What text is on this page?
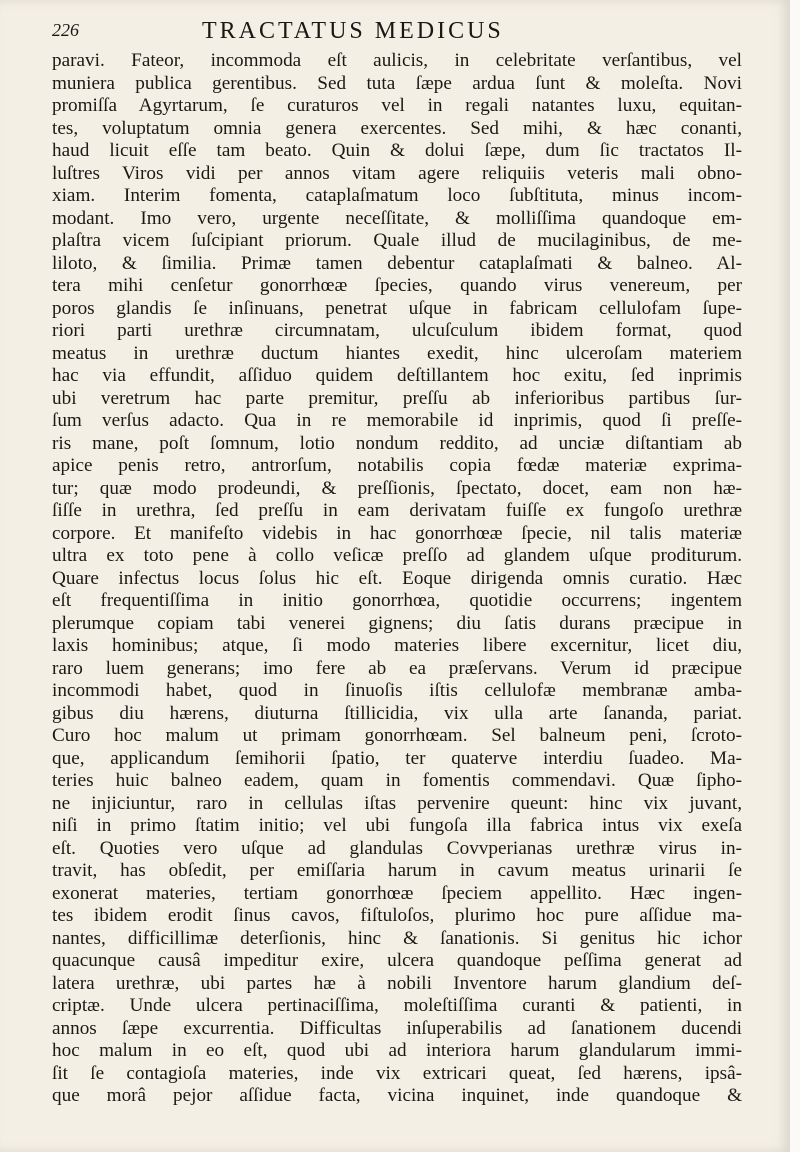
226	TRACTATUS MEDICUS
paravi. Fateor, incommoda eſt aulicis, in celebritate verſantibus, vel
muniera publica gerentibus. Sed tuta ſæpe ardua ſunt & moleſta. Novi
promiſſa Agyrtarum, ſe curaturos vel in regali natantes luxu, equitan-
tes, voluptatum omnia genera exercentes. Sed mihi, & hæc conanti,
haud licuit eſſe tam beato. Quin & dolui ſæpe, dum ſic tractatos Il-
luſtres Viros vidi per annos vitam agere reliquiis veteris mali obno-
xiam. Interim fomenta, cataplaſmatum loco ſubſtituta, minus incom-
modant. Imo vero, urgente neceſſitate, & molliſſima quandoque em-
plaſtra vicem ſuſcipiant priorum. Quale illud de mucilaginibus, de me-
liloto, & ſimilia. Primæ tamen debentur cataplaſmati & balneo. Al-
tera mihi cenſetur gonorrhœæ ſpecies, quando virus venereum, per
poros glandis ſe inſinuans, penetrat uſque in fabricam cellulofam ſupe-
riori parti urethræ circumnatam, ulcuſculum ibidem format, quod
meatus in urethræ ductum hiantes exedit, hinc ulceroſam materiem
hac via effundit, aſſiduo quidem deſtillantem hoc exitu, ſed inprimis
ubi veretrum hac parte premitur, preſſu ab inferioribus partibus ſur-
ſum verſus adacto. Qua in re memorabile id inprimis, quod ſi preſſe-
ris mane, poſt ſomnum, lotio nondum reddito, ad unciæ diſtantiam ab
apice penis retro, antrorſum, notabilis copia fœdæ materiæ exprima-
tur; quæ modo prodeundi, & preſſionis, ſpectato, docet, eam non hæ-
ſiſſe in urethra, ſed preſſu in eam derivatam fuiſſe ex fungoſo urethræ
corpore. Et manifeſto videbis in hac gonorrhœæ ſpecie, nil talis materiæ
ultra ex toto pene à collo veſicæ preſſo ad glandem uſque proditurum.
Quare infectus locus ſolus hic eſt. Eoque dirigenda omnis curatio. Hæc
eſt frequentiſſima in initio gonorrhœa, quotidie occurrens; ingentem
plerumque copiam tabi venerei gignens; diu ſatis durans præcipue in
laxis hominibus; atque, ſi modo materies libere excernitur, licet diu,
raro luem generans; imo fere ab ea præſervans. Verum id præcipue
incommodi habet, quod in ſinuoſis iſtis cellulofæ membranæ amba-
gibus diu hærens, diuturna ſtillicidia, vix ulla arte ſananda, pariat.
Curo hoc malum ut primam gonorrhœam. Sel balneum peni, ſcroto-
que, applicandum ſemihorii ſpatio, ter quaterve interdiu ſuadeo. Ma-
teries huic balneo eadem, quam in fomentis commendavi. Quæ ſipho-
ne injiciuntur, raro in cellulas iſtas pervenire queunt: hinc vix juvant,
niſi in primo ſtatim initio; vel ubi fungoſa illa fabrica intus vix exeſa
eſt. Quoties vero uſque ad glandulas Covvperianas urethræ virus in-
travit, has obſedit, per emiſſaria harum in cavum meatus urinarii ſe
exonerat materies, tertiam gonorrhœæ ſpeciem appellito. Hæc ingen-
tes ibidem erodit ſinus cavos, fiſtuloſos, plurimo hoc pure aſſidue ma-
nantes, difficillimæ deterſionis, hinc & ſanationis. Si genitus hic ichor
quacunque causâ impeditur exire, ulcera quandoque peſſima generat ad
latera urethræ, ubi partes hæ à nobili Inventore harum glandium deſ-
criptæ. Unde ulcera pertinaciſſima, moleſtiſſima curanti & patienti, in
annos ſæpe excurrentia. Difficultas inſuperabilis ad ſanationem ducendi
hoc malum in eo eſt, quod ubi ad interiora harum glandularum immi-
ſit ſe contagioſa materies, inde vix extricari queat, ſed hærens, ipsâ-
que morâ pejor aſſidue facta, vicina inquinet, inde quandoque &
